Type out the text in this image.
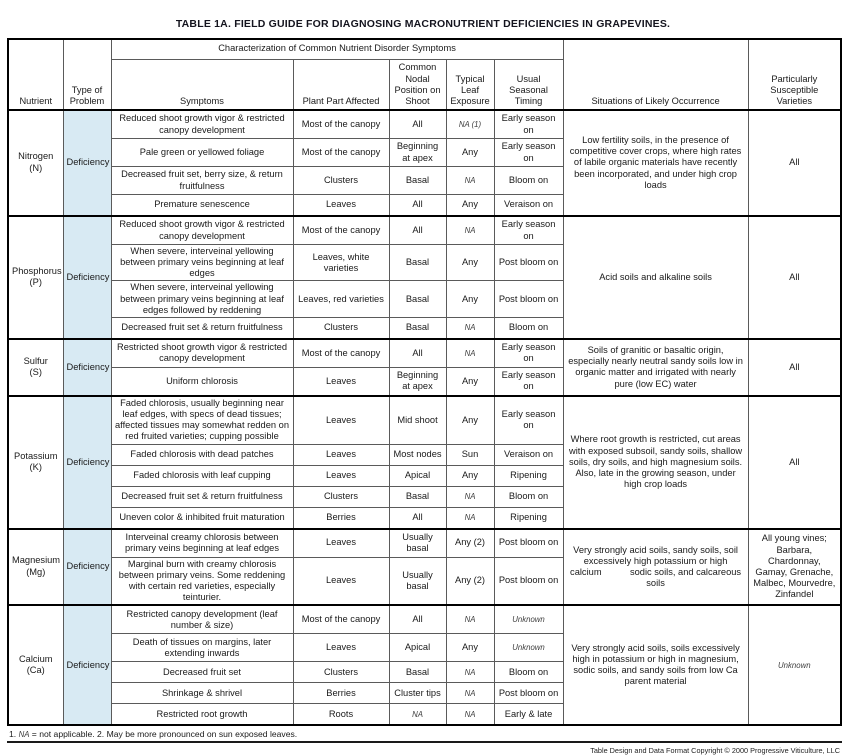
TABLE 1A. FIELD GUIDE FOR DIAGNOSING MACRONUTRIENT DEFICIENCIES IN GRAPEVINES.
Nutrient	Type of Problem	Characterization of Common Nutrient Disorder Symptoms					Situations of Likely Occurrence	Particularly Susceptible Varieties
		Symptoms	Plant Part Affected	Common Nodal Position on Shoot	Typical Leaf Exposure	Usual Seasonal Timing		

Nitrogen
(N)	Deficiency	Reduced shoot growth vigor & restricted canopy development	Most of the canopy	All	NA (1)	Early season on	Low fertility soils, in the presence of competitive cover crops, where high rates of labile organic materials have recently been incorporated, and under high crop loads	All
		Pale green or yellowed foliage	Most of the canopy	Beginning at apex	Any	Early season on		
		Decreased fruit set, berry size, & return fruitfulness	Clusters	Basal	NA	Bloom on		
		Premature senescence	Leaves	All	Any	Veraison on		

Phosphorus
(P)	Deficiency	Reduced shoot growth vigor & restricted canopy development	Most of the canopy	All	NA	Early season on	Acid soils and alkaline soils	All
		When severe, interveinal yellowing between primary veins beginning at leaf edges	Leaves, white varieties	Basal	Any	Post bloom on		
		When severe, interveinal yellowing between primary veins beginning at leaf edges followed by reddening	Leaves, red varieties	Basal	Any	Post bloom on		
		Decreased fruit set & return fruitfulness	Clusters	Basal	NA	Bloom on		

Sulfur
(S)	Deficiency	Restricted shoot growth vigor & restricted canopy development	Most of the canopy	All	NA	Early season on	Soils of granitic or basaltic origin, especially nearly neutral sandy soils low in organic matter and irrigated with nearly pure (low EC) water	All
		Uniform chlorosis	Leaves	Beginning at apex	Any	Early season on		

Potassium
(K)	Deficiency	Faded chlorosis, usually beginning near leaf edges, with specs of dead tissues; affected tissues may somewhat redden on red fruited varieties; cupping possible	Leaves	Mid shoot	Any	Early season on	Where root growth is restricted, cut areas with exposed subsoil, sandy soils, shallow soils, dry soils, and high magnesium soils. Also, late in the growing season, under high crop loads	All
		Faded chlorosis with dead patches	Leaves	Most nodes	Sun	Veraison on		
		Faded chlorosis with leaf cupping	Leaves	Apical	Any	Ripening		
		Decreased fruit set & return fruitfulness	Clusters	Basal	NA	Bloom on		
		Uneven color & inhibited fruit maturation	Berries	All	NA	Ripening		

Magnesium
(Mg)	Deficiency	Interveinal creamy chlorosis between primary veins beginning at leaf edges	Leaves	Usually basal	Any (2)	Post bloom on	Very strongly acid soils, sandy soils, soil excessively high potassium or high calcium           sodic soils, and calcareous soils	All young vines; Barbara, Chardonnay, Gamay, Grenache, Malbec, Mourvedre, Zinfandel
		Marginal burn with creamy chlorosis between primary veins. Some reddening with certain red varieties, especially teinturier.	Leaves	Usually basal	Any (2)	Post bloom on		

Calcium
(Ca)	Deficiency	Restricted canopy development (leaf number & size)	Most of the canopy	All	NA	Unknown	Very strongly acid soils, soils excessively high in potassium or high in magnesium, sodic soils, and sandy soils from low Ca parent material	Unknown
		Death of tissues on margins, later extending inwards	Leaves	Apical	Any	Unknown		
		Decreased fruit set	Clusters	Basal	NA	Bloom on		
		Shrinkage & shrivel	Berries	Cluster tips	NA	Post bloom on		
		Restricted root growth	Roots	NA	NA	Early & late		
1. NA = not applicable. 2. May be more pronounced on sun exposed leaves.
Table Design and Data Format Copyright © 2000 Progressive Viticulture, LLC
